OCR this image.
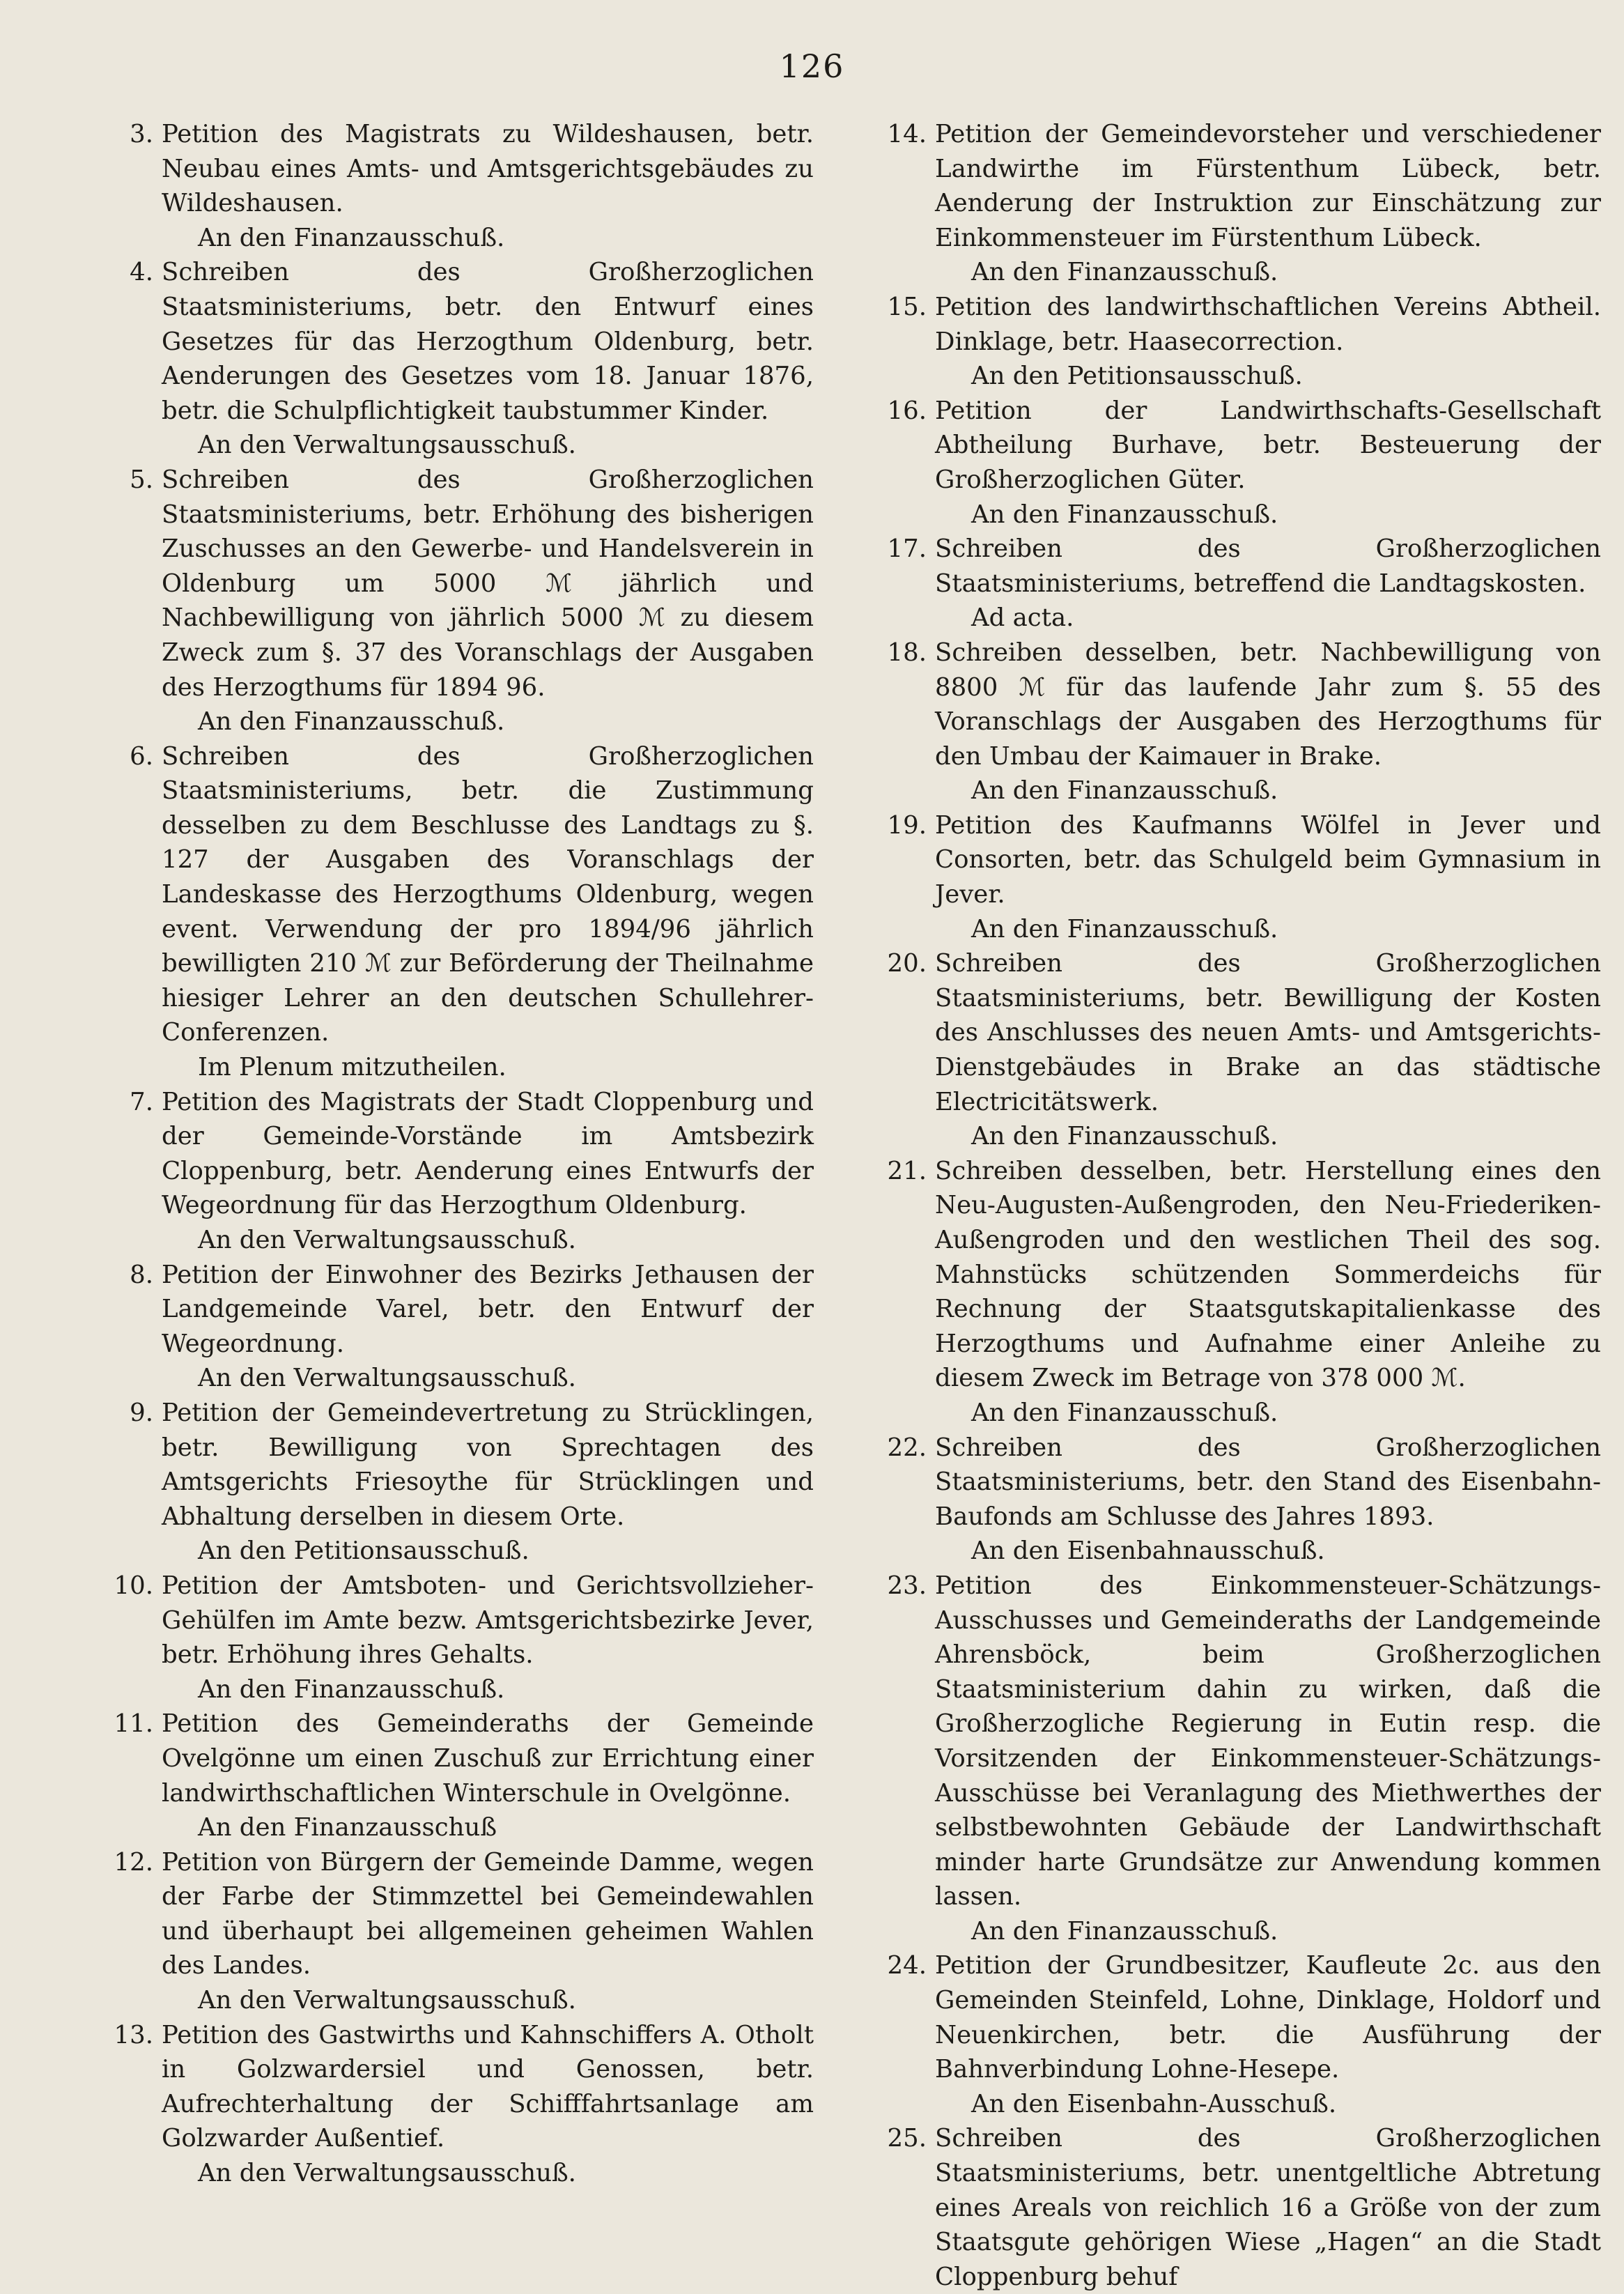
126
3. Petition des Magistrats zu Wildeshausen, betr. Neubau eines Amts- und Amtsgerichtsgebäudes zu Wildeshausen.
An den Finanzausschuß.
4. Schreiben des Großherzoglichen Staatsministeriums, betr. den Entwurf eines Gesetzes für das Herzogthum Oldenburg, betr. Aenderungen des Gesetzes vom 18. Januar 1876, betr. die Schulpflichtigkeit taubstummer Kinder.
An den Verwaltungsausschuß.
5. Schreiben des Großherzoglichen Staatsministeriums, betr. Erhöhung des bisherigen Zuschusses an den Gewerbe- und Handelsverein in Oldenburg um 5000 ℳ jährlich und Nachbewilligung von jährlich 5000 ℳ zu diesem Zweck zum §. 37 des Voranschlags der Ausgaben des Herzogthums für 1894 96.
An den Finanzausschuß.
6. Schreiben des Großherzoglichen Staatsministeriums, betr. die Zustimmung desselben zu dem Beschlusse des Landtags zu §. 127 der Ausgaben des Voranschlags der Landeskasse des Herzogthums Oldenburg, wegen event. Verwendung der pro 1894/96 jährlich bewilligten 210 ℳ zur Beförderung der Theilnahme hiesiger Lehrer an den deutschen Schullehrer-Conferenzen.
Im Plenum mitzutheilen.
7. Petition des Magistrats der Stadt Cloppenburg und der Gemeinde-Vorstände im Amtsbezirk Cloppenburg, betr. Aenderung eines Entwurfs der Wegeordnung für das Herzogthum Oldenburg.
An den Verwaltungsausschuß.
8. Petition der Einwohner des Bezirks Jethausen der Landgemeinde Varel, betr. den Entwurf der Wegeordnung.
An den Verwaltungsausschuß.
9. Petition der Gemeindevertretung zu Strücklingen, betr. Bewilligung von Sprechtagen des Amtsgerichts Friesoythe für Strücklingen und Abhaltung derselben in diesem Orte.
An den Petitionsausschuß.
10. Petition der Amtsboten- und Gerichtsvollzieher-Gehülfen im Amte bezw. Amtsgerichtsbezirke Jever, betr. Erhöhung ihres Gehalts.
An den Finanzausschuß.
11. Petition des Gemeinderaths der Gemeinde Ovelgönne um einen Zuschuß zur Errichtung einer landwirthschaftlichen Winterschule in Ovelgönne.
An den Finanzausschuß
12. Petition von Bürgern der Gemeinde Damme, wegen der Farbe der Stimmzettel bei Gemeindewahlen und überhaupt bei allgemeinen geheimen Wahlen des Landes.
An den Verwaltungsausschuß.
13. Petition des Gastwirths und Kahnschiffers A. Otholt in Golzwardersiel und Genossen, betr. Aufrechterhaltung der Schifffahrtsanlage am Golzwarder Außentief.
An den Verwaltungsausschuß.
14. Petition der Gemeindevorsteher und verschiedener Landwirthe im Fürstenthum Lübeck, betr. Aenderung der Instruktion zur Einschätzung zur Einkommensteuer im Fürstenthum Lübeck.
An den Finanzausschuß.
15. Petition des landwirthschaftlichen Vereins Abtheil. Dinklage, betr. Haasecorrection.
An den Petitionsausschuß.
16. Petition der Landwirthschafts-Gesellschaft Abtheilung Burhave, betr. Besteuerung der Großherzoglichen Güter.
An den Finanzausschuß.
17. Schreiben des Großherzoglichen Staatsministeriums, betreffend die Landtagskosten.
Ad acta.
18. Schreiben desselben, betr. Nachbewilligung von 8800 ℳ für das laufende Jahr zum §. 55 des Voranschlags der Ausgaben des Herzogthums für den Umbau der Kaimauer in Brake.
An den Finanzausschuß.
19. Petition des Kaufmanns Wölfel in Jever und Consorten, betr. das Schulgeld beim Gymnasium in Jever.
An den Finanzausschuß.
20. Schreiben des Großherzoglichen Staatsministeriums, betr. Bewilligung der Kosten des Anschlusses des neuen Amts- und Amtsgerichts-Dienstgebäudes in Brake an das städtische Electricitätswerk.
An den Finanzausschuß.
21. Schreiben desselben, betr. Herstellung eines den Neu-Augusten-Außengroden, den Neu-Friederiken-Außengroden und den westlichen Theil des sog. Mahnstücks schützenden Sommerdeichs für Rechnung der Staatsgutskapitalienkasse des Herzogthums und Aufnahme einer Anleihe zu diesem Zweck im Betrage von 378 000 ℳ.
An den Finanzausschuß.
22. Schreiben des Großherzoglichen Staatsministeriums, betr. den Stand des Eisenbahn-Baufonds am Schlusse des Jahres 1893.
An den Eisenbahnausschuß.
23. Petition des Einkommensteuer-Schätzungs-Ausschusses und Gemeinderaths der Landgemeinde Ahrensböck, beim Großherzoglichen Staatsministerium dahin zu wirken, daß die Großherzogliche Regierung in Eutin resp. die Vorsitzenden der Einkommensteuer-Schätzungs-Ausschüsse bei Veranlagung des Miethwerthes der selbstbewohnten Gebäude der Landwirthschaft minder harte Grundsätze zur Anwendung kommen lassen.
An den Finanzausschuß.
24. Petition der Grundbesitzer, Kaufleute 2c. aus den Gemeinden Steinfeld, Lohne, Dinklage, Holdorf und Neuenkirchen, betr. die Ausführung der Bahnverbindung Lohne-Hesepe.
An den Eisenbahn-Ausschuß.
25. Schreiben des Großherzoglichen Staatsministeriums, betr. unentgeltliche Abtretung eines Areals von reichlich 16 a Größe von der zum Staatsgute gehörigen Wiese „Hagen“ an die Stadt Cloppenburg behuf
